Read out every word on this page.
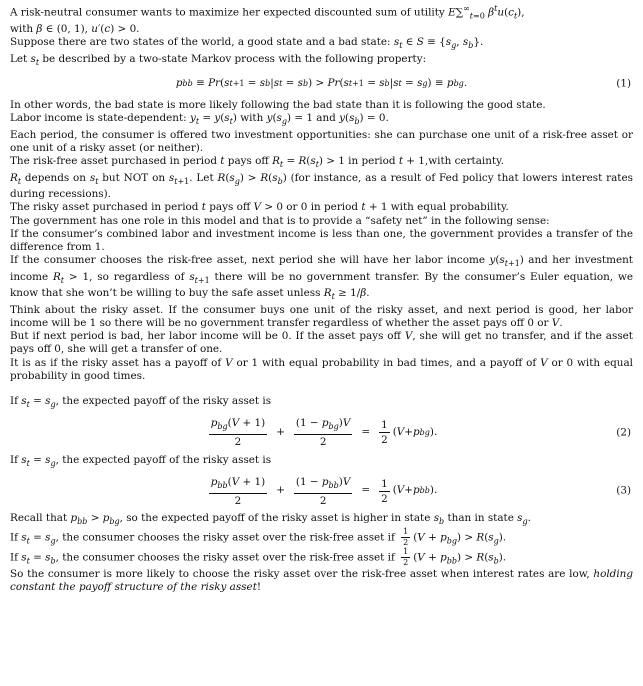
A risk-neutral consumer wants to maximize her expected discounted sum of utility $E\sum^\infty_{t=0}$ $\beta^tu(c_t)$,
with β ∈ (0, 1), u′(c) > 0.

Suppose there are two states of the world, a good state and a bad state: $s_t$ ∈ $S \equiv \{s_g$, $s_b$}.

Let $s_t$ be described by a two-state Markov process with the following property:

p bb ≡ Pr ( s t+1 = s b | s t = s b ) > Pr ( s t+1 = s b | s t = s g ) ≡ p bg .	(1)

In other words, the bad state is more likely following the bad state than it is following the good state.

Labor income is state-dependent: $y_t = y(s_t)$ with $y(s_g) = 1$ and $y(s_b) = 0$.

Each period, the consumer is offered two investment opportunities: she can purchase one unit of a risk-free asset or one unit of a risky asset (or neither).

The risk-free asset purchased in period t pays off $R_t = R(s_t) > 1$ in period t + 1,with certainty.

$R_t$ depends on $s_t$ but NOT on $s_{t+1}$. Let $R(s_g) > R(s_b)$ (for instance, as a result of Fed policy that lowers interest rates during recessions).

The risky asset purchased in period t pays off V > 0 or 0 in period t + 1 with equal probability.

The government has one role in this model and that is to provide a “safety net” in the following sense:

If the consumer’s combined labor and investment income is less than one, the government provides a transfer of the difference from 1.

If the consumer chooses the risk-free asset, next period she will have her labor income $y(s_{t+1})$ and her investment income $R_t > 1$, so regardless of $s_{t+1}$ there will be no government transfer. By the consumer’s Euler equation, we know that she won’t be willing to buy the safe asset unless $R_t \ge 1/\beta$.

Think about the risky asset. If the consumer buys one unit of the risky asset, and next period is good, her labor income will be 1 so there will be no government transfer regardless of whether the asset pays off 0 or V.

But if next period is bad, her labor income will be 0. If the asset pays off V, she will get no transfer, and if the asset pays off 0, she will get a transfer of one.

It is as if the risky asset has a payoff of V or 1 with equal probability in bad times, and a payoff of V or 0 with equal probability in good times.

If $s_t = s_g$, the expected payoff of the risky asset is

$\frac{p_{bg}(V + 1)}{2} + \frac{(1 - p_{bg})V}{2} = \frac{1}{2}$ ( V + p bg ).	(2)

If $s_t = s_g$, the expected payoff of the risky asset is

$\frac{p_{bb}(V + 1)}{2} + \frac{(1 - p_{bb})V}{2} = \frac{1}{2}$ ( V + p bb ).	(3)

Recall that $p_{bb} > p_{bg}$, so the expected payoff of the risky asset is higher in state $s_b$ than in state $s_g$.

If $s_t = s_g$, the consumer chooses the risky asset over the risk-free asset if $\frac{1}{2} (V + p_{bg}) > R(s_g)$.

If $s_t = s_b$, the consumer chooses the risky asset over the risk-free asset if $\frac{1}{2} (V + p_{bb}) > R(s_b)$.

So the consumer is more likely to choose the risky asset over the risk-free asset when interest rates are low, holding constant the payoff structure of the risky asset!
